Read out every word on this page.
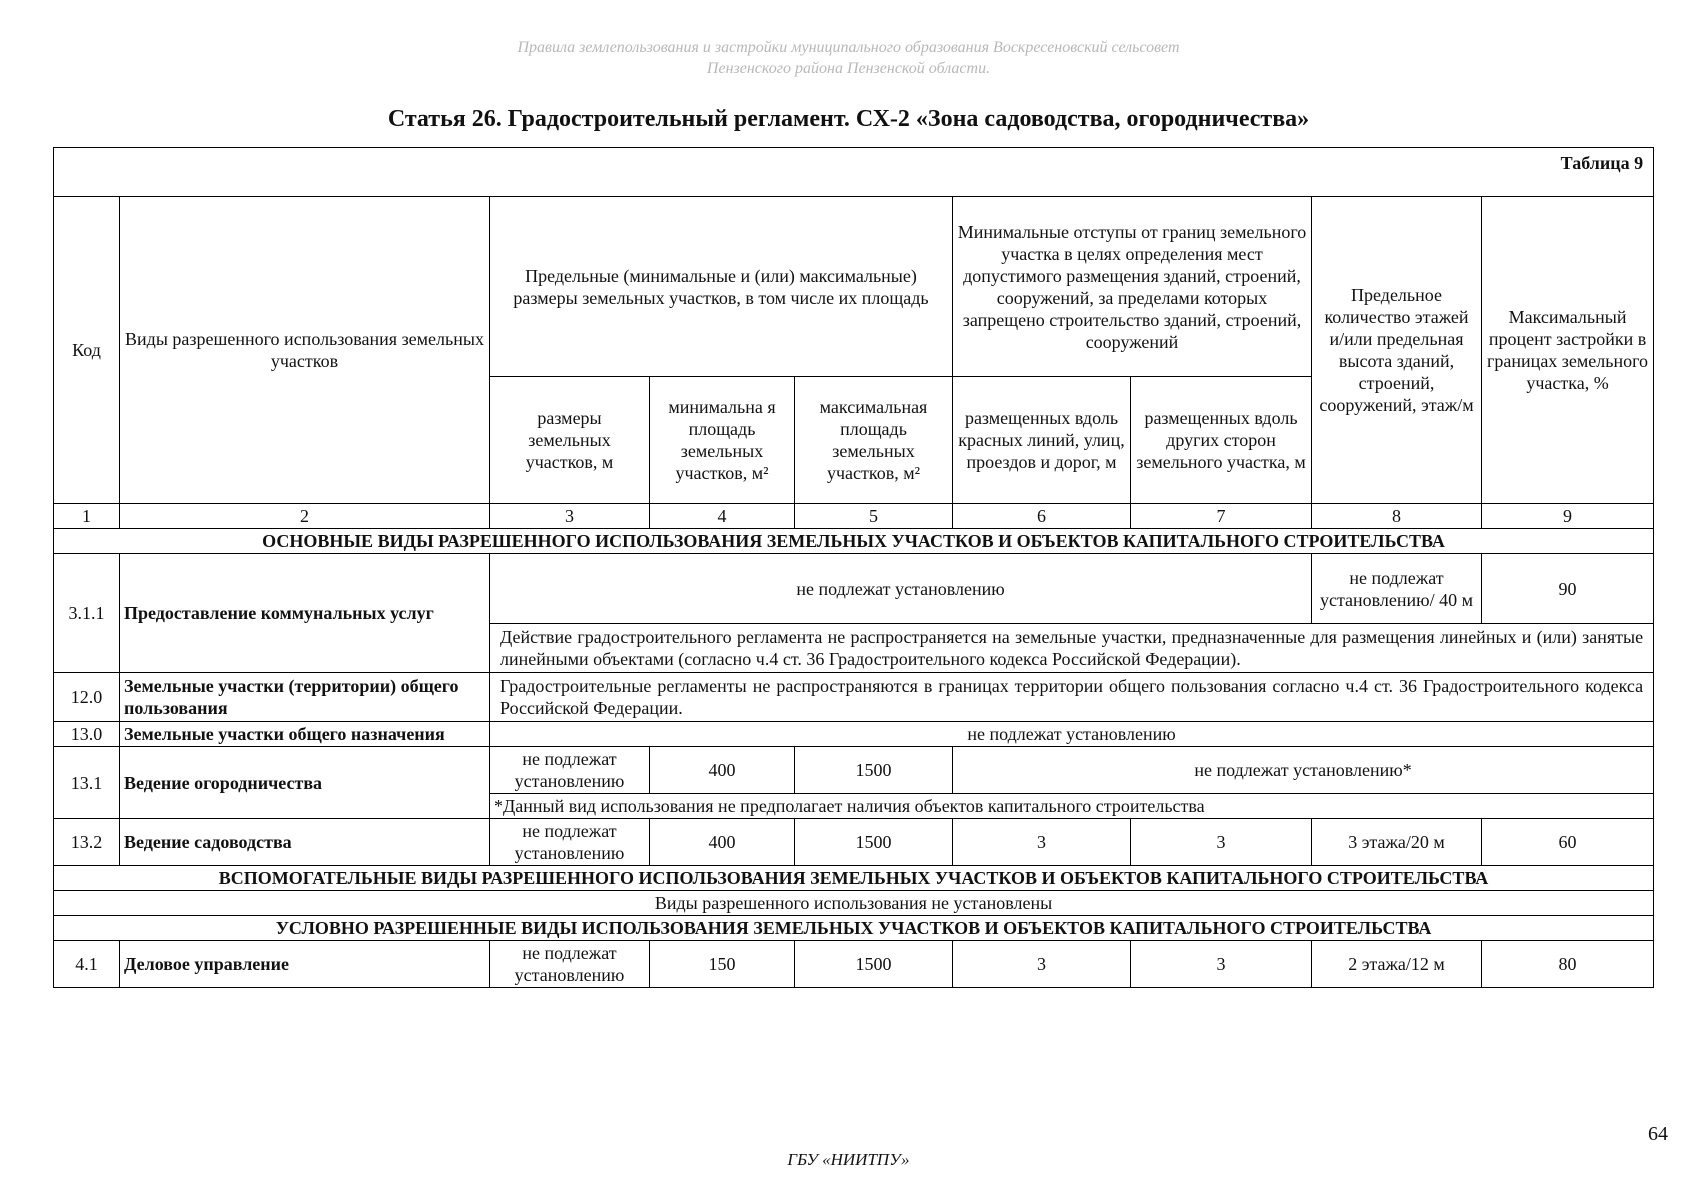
Правила землепользования и застройки муниципального образования Воскресеновский сельсовет
Пензенского района Пензенской области.
Статья 26. Градостроительный регламент. СХ-2 «Зона садоводства, огородничества»
Таблица 9								
Код	Виды разрешенного использования земельных участков	Предельные (минимальные и (или) максимальные) размеры земельных участков, в том числе их площадь			Минимальные отступы от границ земельного участка в целях определения мест допустимого размещения зданий, строений, сооружений, за пределами которых запрещено строительство зданий, строений, сооружений		Предельное количество этажей и/или предельная высота зданий, строений, сооружений, этаж/м	Максимальный процент застройки в границах земельного участка, %
		размеры земельных участков, м	минимальна я площадь земельных участков, м²	максимальная площадь земельных участков, м²	размещенных вдоль красных линий, улиц, проездов и дорог, м	размещенных вдоль других сторон земельного участка, м		
1	2	3	4	5	6	7	8	9
ОСНОВНЫЕ ВИДЫ РАЗРЕШЕННОГО ИСПОЛЬЗОВАНИЯ ЗЕМЕЛЬНЫХ УЧАСТКОВ И ОБЪЕКТОВ КАПИТАЛЬНОГО СТРОИТЕЛЬСТВА								
3.1.1	Предоставление коммунальных услуг	не подлежат установлению					не подлежат установлению/ 40 м	90
		Действие градостроительного регламента не распространяется на земельные участки, предназначенные для размещения линейных и (или) занятые линейными объектами (согласно ч.4 ст. 36 Градостроительного кодекса Российской Федерации).						
12.0	Земельные участки (территории) общего пользования	Градостроительные регламенты не распространяются в границах территории общего пользования согласно ч.4 ст. 36 Градостроительного кодекса Российской Федерации.						
13.0	Земельные участки общего назначения	не подлежат установлению						
13.1	Ведение огородничества	не подлежат установлению	400	1500	не подлежат установлению*			
		*Данный вид использования не предполагает наличия объектов капитального строительства						
13.2	Ведение садоводства	не подлежат установлению	400	1500	3	3	3 этажа/20 м	60
ВСПОМОГАТЕЛЬНЫЕ ВИДЫ РАЗРЕШЕННОГО ИСПОЛЬЗОВАНИЯ ЗЕМЕЛЬНЫХ УЧАСТКОВ И ОБЪЕКТОВ КАПИТАЛЬНОГО СТРОИТЕЛЬСТВА								
Виды разрешенного использования не установлены								
УСЛОВНО РАЗРЕШЕННЫЕ ВИДЫ ИСПОЛЬЗОВАНИЯ ЗЕМЕЛЬНЫХ УЧАСТКОВ И ОБЪЕКТОВ КАПИТАЛЬНОГО СТРОИТЕЛЬСТВА								
4.1	Деловое управление	не подлежат установлению	150	1500	3	3	2 этажа/12 м	80
64
ГБУ «НИИТПУ»
